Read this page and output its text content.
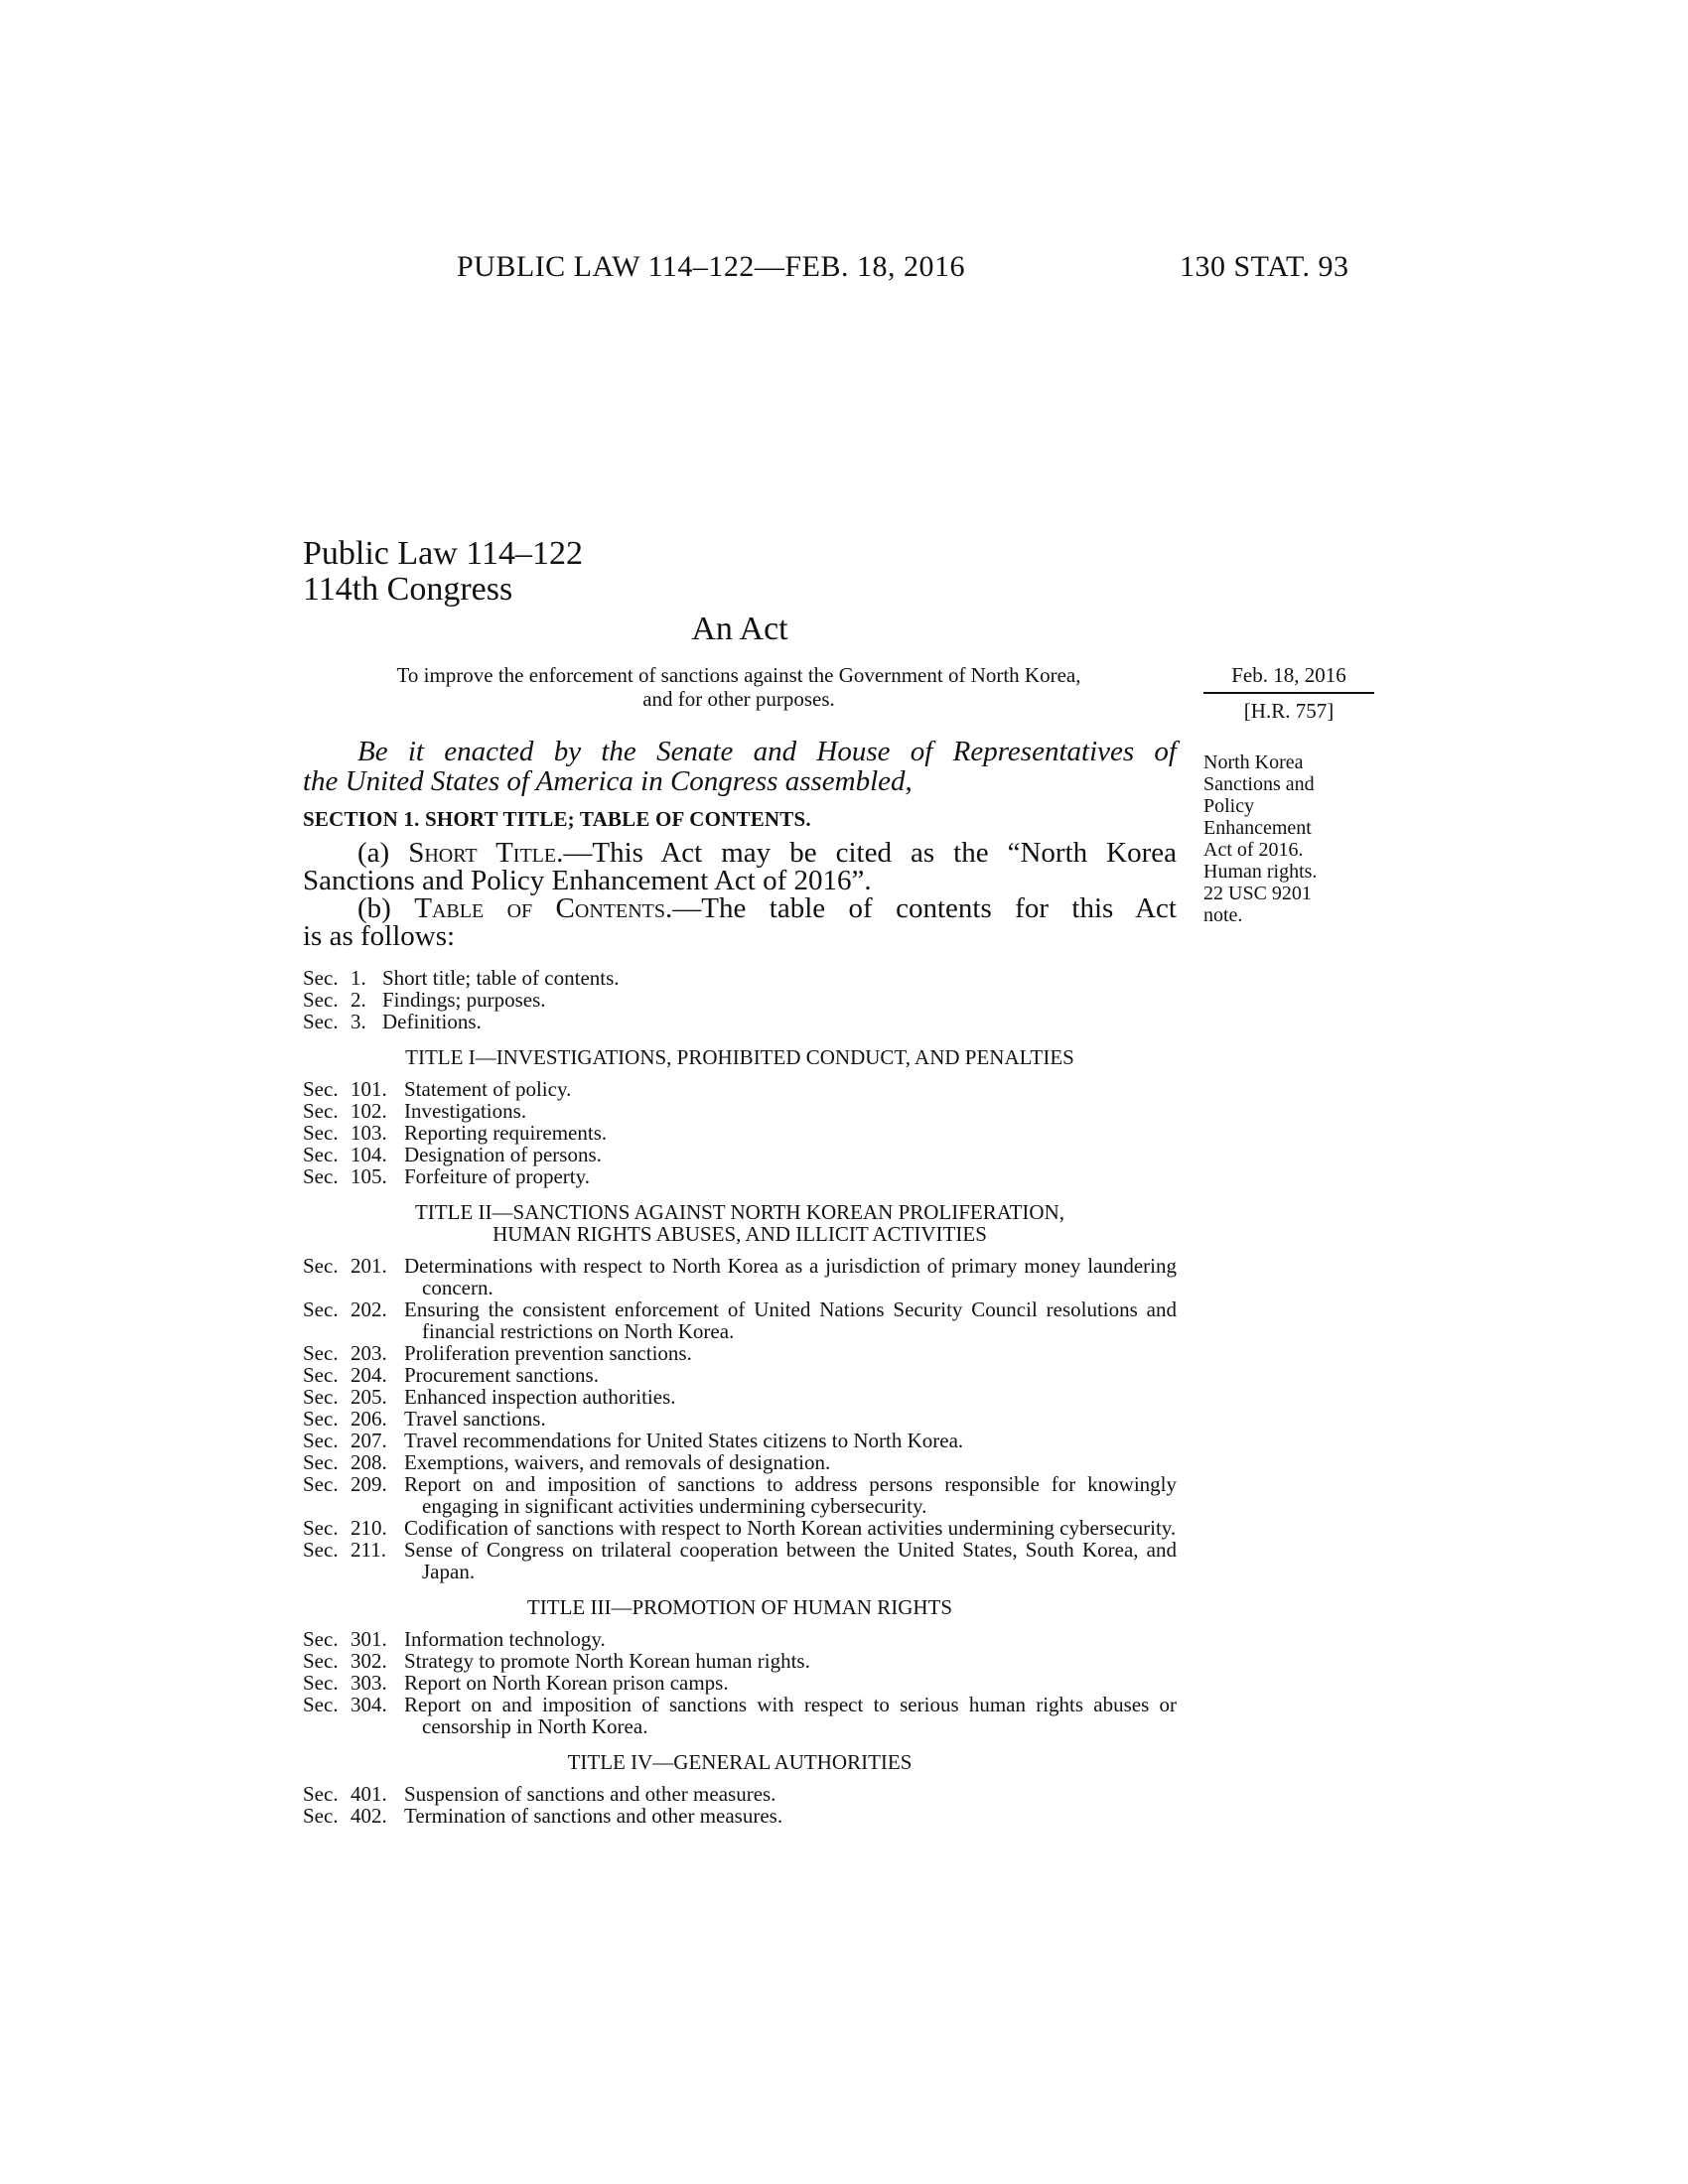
PUBLIC LAW 114–122—FEB. 18, 2016	130 STAT. 93
Public Law 114–122
114th Congress
An Act
To improve the enforcement of sanctions against the Government of North Korea,
and for other purposes.
Feb. 18, 2016
[H.R. 757]
Be it enacted by the Senate and House of Representatives of
the United States of America in Congress assembled,
SECTION 1. SHORT TITLE; TABLE OF CONTENTS.
(a) Short Title.—This Act may be cited as the “North Korea
Sanctions and Policy Enhancement Act of 2016”.
(b) Table of Contents.—The table of contents for this Act
is as follows:
North Korea
Sanctions and
Policy
Enhancement
Act of 2016.
Human rights.
22 USC 9201
note.
Sec. 1. Short title; table of contents.
Sec. 2. Findings; purposes.
Sec. 3. Definitions.
TITLE I—INVESTIGATIONS, PROHIBITED CONDUCT, AND PENALTIES
Sec. 101. Statement of policy.
Sec. 102. Investigations.
Sec. 103. Reporting requirements.
Sec. 104. Designation of persons.
Sec. 105. Forfeiture of property.
TITLE II—SANCTIONS AGAINST NORTH KOREAN PROLIFERATION, HUMAN RIGHTS ABUSES, AND ILLICIT ACTIVITIES
Sec. 201. Determinations with respect to North Korea as a jurisdiction of primary money laundering concern.
Sec. 202. Ensuring the consistent enforcement of United Nations Security Council resolutions and financial restrictions on North Korea.
Sec. 203. Proliferation prevention sanctions.
Sec. 204. Procurement sanctions.
Sec. 205. Enhanced inspection authorities.
Sec. 206. Travel sanctions.
Sec. 207. Travel recommendations for United States citizens to North Korea.
Sec. 208. Exemptions, waivers, and removals of designation.
Sec. 209. Report on and imposition of sanctions to address persons responsible for knowingly engaging in significant activities undermining cybersecurity.
Sec. 210. Codification of sanctions with respect to North Korean activities undermining cybersecurity.
Sec. 211. Sense of Congress on trilateral cooperation between the United States, South Korea, and Japan.
TITLE III—PROMOTION OF HUMAN RIGHTS
Sec. 301. Information technology.
Sec. 302. Strategy to promote North Korean human rights.
Sec. 303. Report on North Korean prison camps.
Sec. 304. Report on and imposition of sanctions with respect to serious human rights abuses or censorship in North Korea.
TITLE IV—GENERAL AUTHORITIES
Sec. 401. Suspension of sanctions and other measures.
Sec. 402. Termination of sanctions and other measures.
